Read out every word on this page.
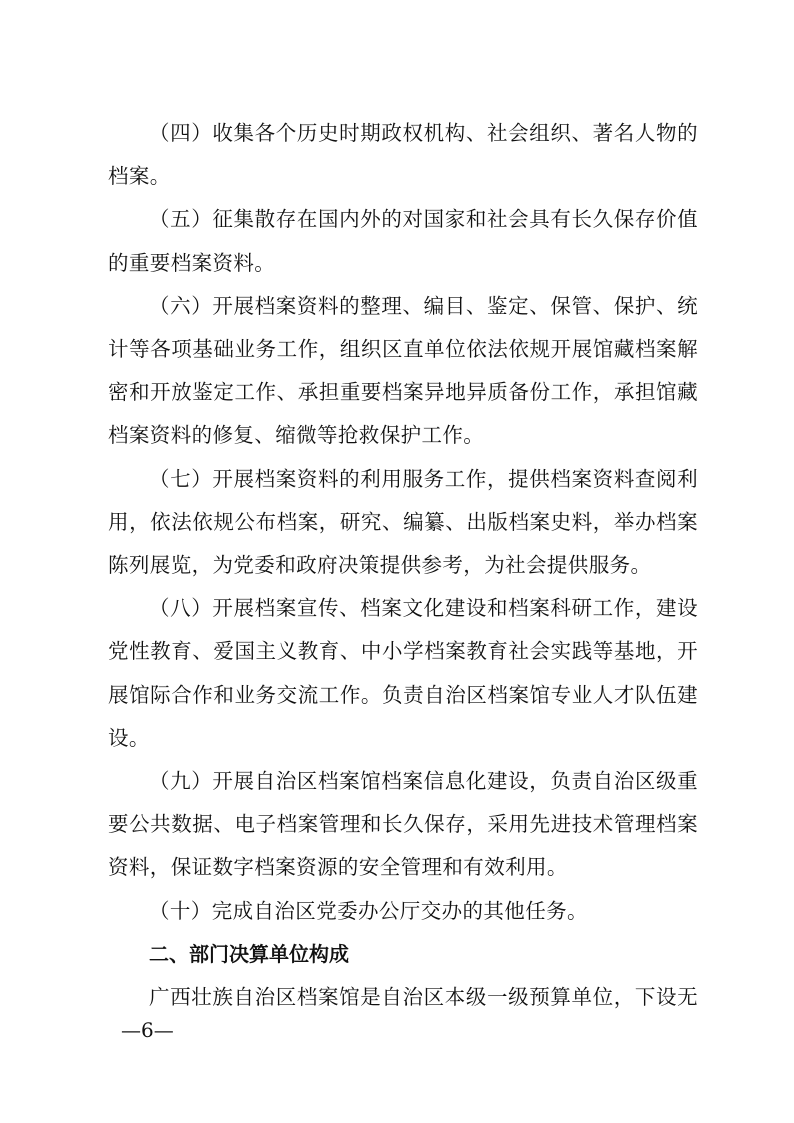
（四）收集各个历史时期政权机构、社会组织、著名人物的档案。

（五）征集散存在国内外的对国家和社会具有长久保存价值的重要档案资料。

（六）开展档案资料的整理、编目、鉴定、保管、保护、统计等各项基础业务工作，组织区直单位依法依规开展馆藏档案解密和开放鉴定工作、承担重要档案异地异质备份工作，承担馆藏档案资料的修复、缩微等抢救保护工作。

（七）开展档案资料的利用服务工作，提供档案资料查阅利用，依法依规公布档案，研究、编纂、出版档案史料，举办档案陈列展览，为党委和政府决策提供参考，为社会提供服务。

（八）开展档案宣传、档案文化建设和档案科研工作，建设党性教育、爱国主义教育、中小学档案教育社会实践等基地，开展馆际合作和业务交流工作。负责自治区档案馆专业人才队伍建设。

（九）开展自治区档案馆档案信息化建设，负责自治区级重要公共数据、电子档案管理和长久保存，采用先进技术管理档案资料，保证数字档案资源的安全管理和有效利用。

（十）完成自治区党委办公厅交办的其他任务。

二、部门决算单位构成

广西壮族自治区档案馆是自治区本级一级预算单位，下设无

—6—
